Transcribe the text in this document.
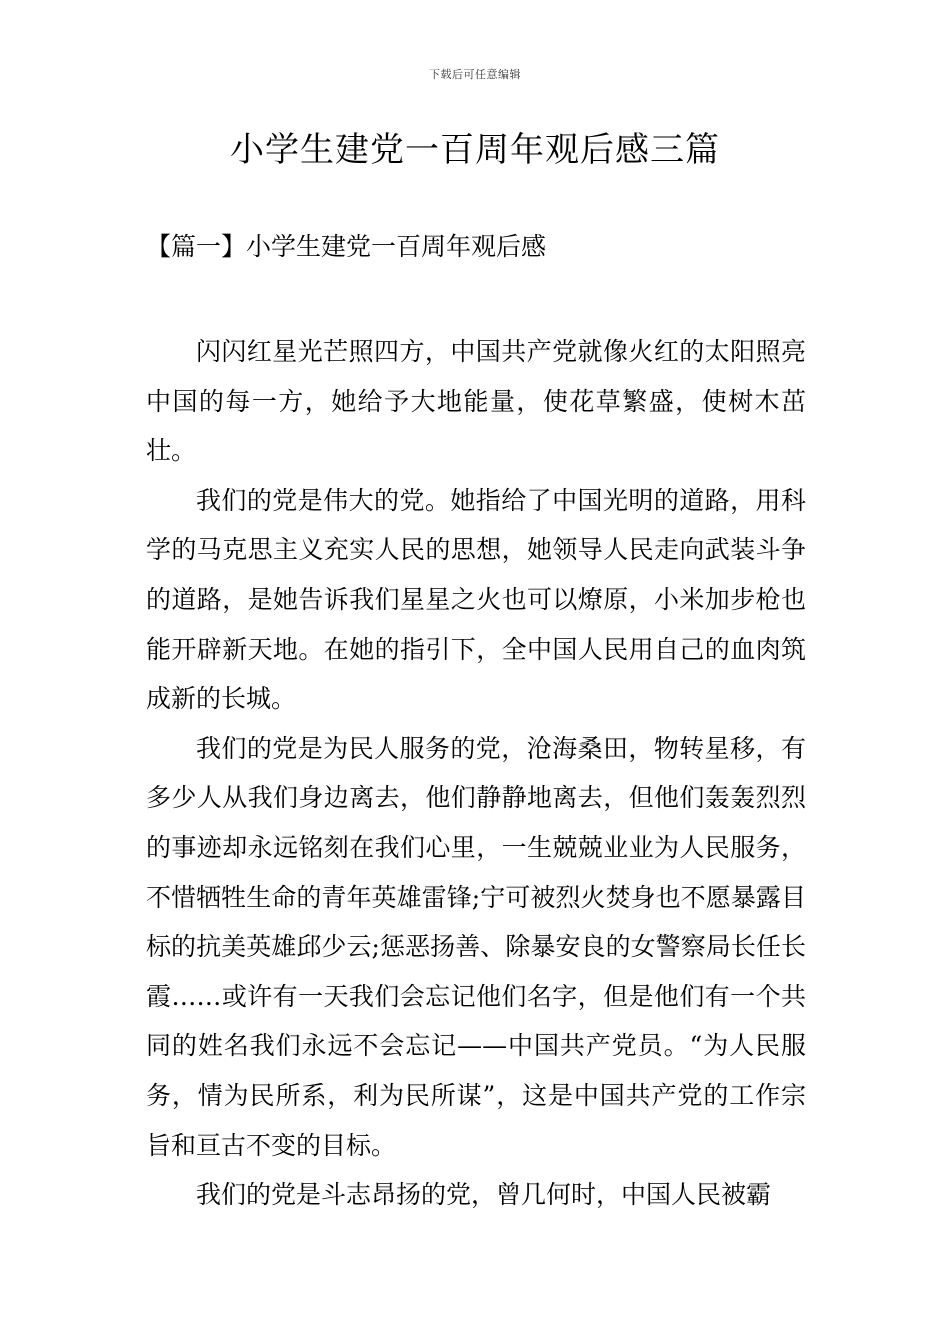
下载后可任意编辑
小学生建党一百周年观后感三篇
【篇一】小学生建党一百周年观后感

闪闪红星光芒照四方，中国共产党就像火红的太阳照亮中国的每一方，她给予大地能量，使花草繁盛，使树木茁壮。

我们的党是伟大的党。她指给了中国光明的道路，用科学的马克思主义充实人民的思想，她领导人民走向武装斗争的道路，是她告诉我们星星之火也可以燎原，小米加步枪也能开辟新天地。在她的指引下，全中国人民用自己的血肉筑成新的长城。

我们的党是为民人服务的党，沧海桑田，物转星移，有多少人从我们身边离去，他们静静地离去，但他们轰轰烈烈的事迹却永远铭刻在我们心里，一生兢兢业业为人民服务，不惜牺牲生命的青年英雄雷锋;宁可被烈火焚身也不愿暴露目标的抗美英雄邱少云;惩恶扬善、除暴安良的女警察局长任长霞……或许有一天我们会忘记他们名字，但是他们有一个共同的姓名我们永远不会忘记——中国共产党员。“为人民服务，情为民所系，利为民所谋”，这是中国共产党的工作宗旨和亘古不变的目标。

我们的党是斗志昂扬的党，曾几何时，中国人民被霸
